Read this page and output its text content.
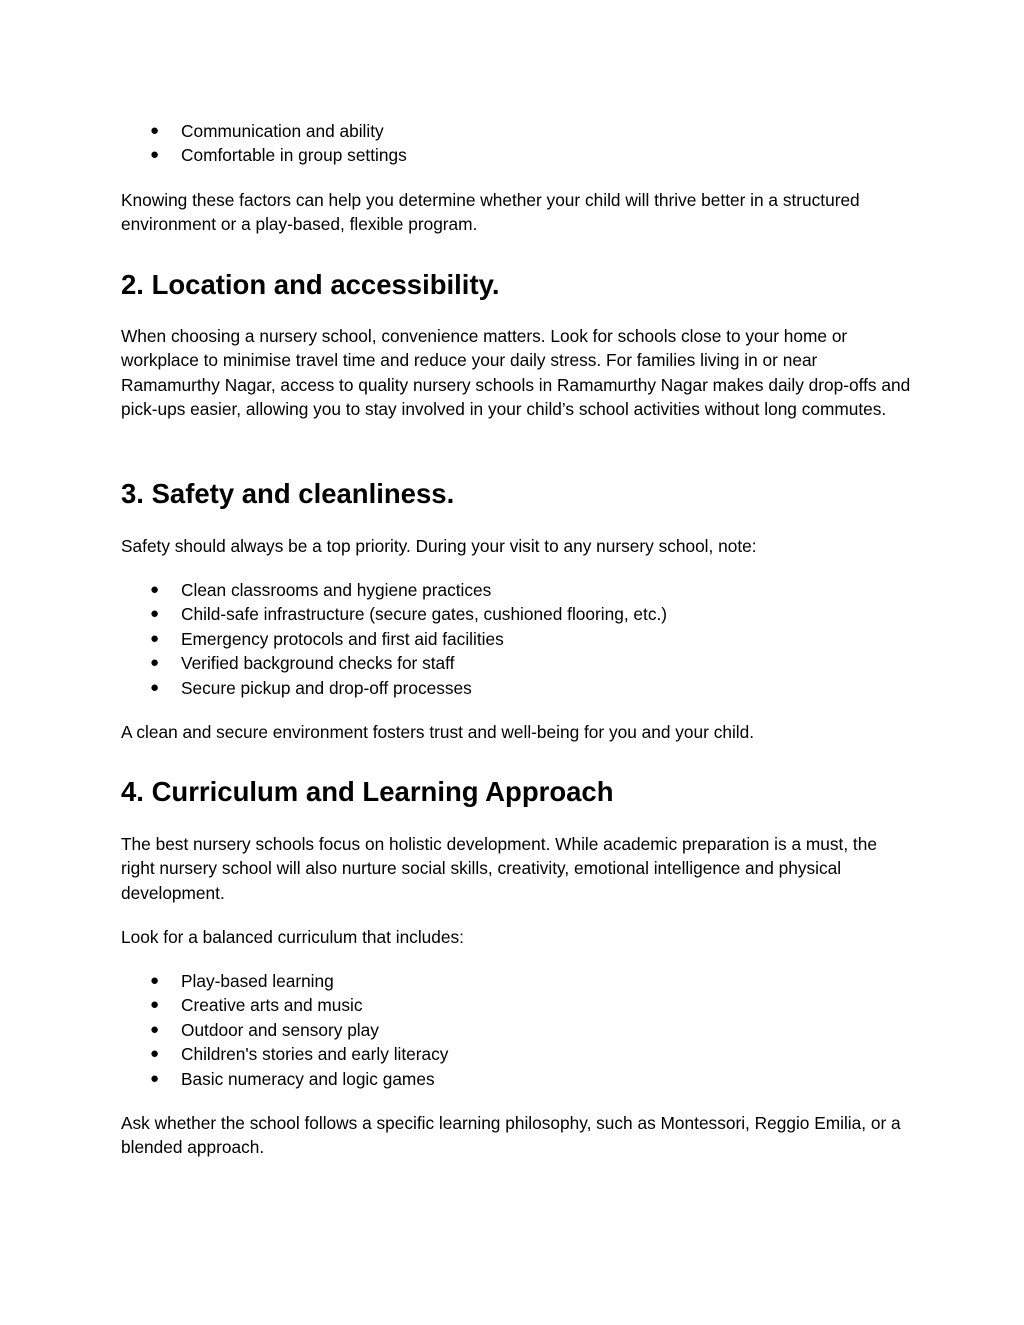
● Communication and ability
● Comfortable in group settings

Knowing these factors can help you determine whether your child will thrive better in a structured environment or a play-based, flexible program.

2. Location and accessibility.

When choosing a nursery school, convenience matters. Look for schools close to your home or workplace to minimise travel time and reduce your daily stress. For families living in or near Ramamurthy Nagar, access to quality nursery schools in Ramamurthy Nagar makes daily drop-offs and pick-ups easier, allowing you to stay involved in your child’s school activities without long commutes.

3. Safety and cleanliness.

Safety should always be a top priority. During your visit to any nursery school, note:

● Clean classrooms and hygiene practices
● Child-safe infrastructure (secure gates, cushioned flooring, etc.)
● Emergency protocols and first aid facilities
● Verified background checks for staff
● Secure pickup and drop-off processes

A clean and secure environment fosters trust and well-being for you and your child.

4. Curriculum and Learning Approach

The best nursery schools focus on holistic development. While academic preparation is a must, the right nursery school will also nurture social skills, creativity, emotional intelligence and physical development.

Look for a balanced curriculum that includes:

● Play-based learning
● Creative arts and music
● Outdoor and sensory play
● Children's stories and early literacy
● Basic numeracy and logic games

Ask whether the school follows a specific learning philosophy, such as Montessori, Reggio Emilia, or a blended approach.
